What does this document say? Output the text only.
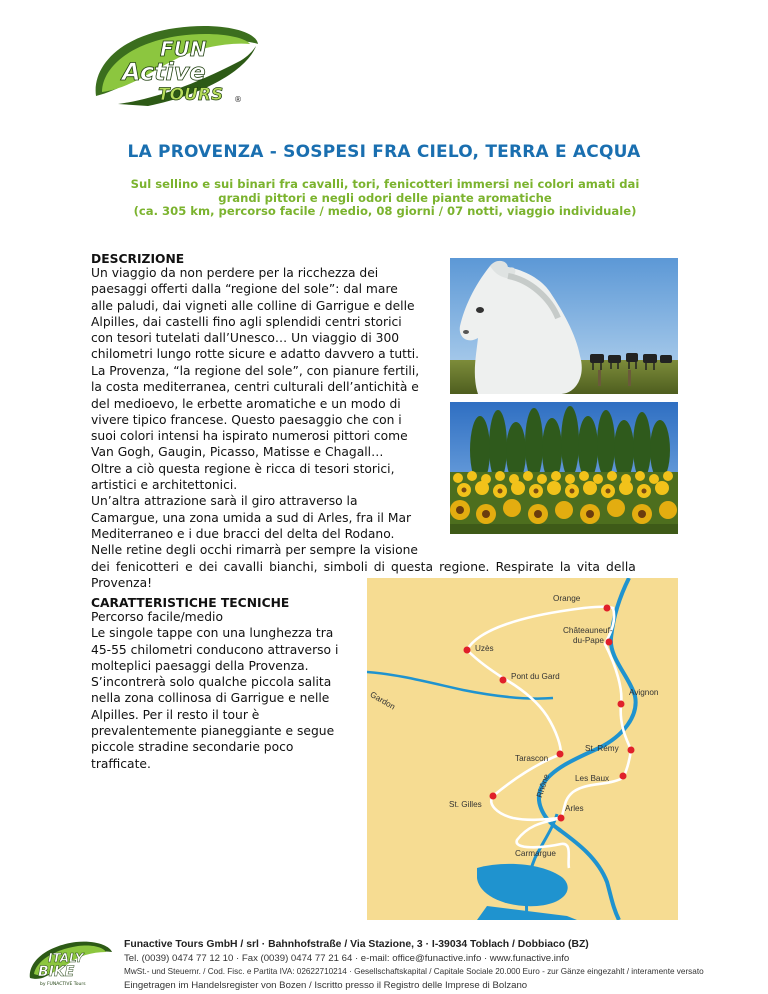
FUN
Active
TOURS ®
LA PROVENZA - SOSPESI FRA CIELO, TERRA E ACQUA
Sul sellino e sui binari fra cavalli, tori, fenicotteri immersi nei colori amati dai
grandi pittori e negli odori delle piante aromatiche
(ca. 305 km, percorso facile / medio, 08 giorni / 07 notti, viaggio individuale)
DESCRIZIONE
Un viaggio da non perdere per la ricchezza dei
paesaggi offerti dalla “regione del sole”: dal mare
alle paludi, dai vigneti alle colline di Garrigue e delle
Alpilles, dai castelli fino agli splendidi centri storici
con tesori tutelati dall’Unesco… Un viaggio di 300
chilometri lungo rotte sicure e adatto davvero a tutti.
La Provenza, “la regione del sole”, con pianure fertili,
la costa mediterranea, centri culturali dell’antichità e
del medioevo, le erbette aromatiche e un modo di
vivere tipico francese. Questo paesaggio che con i
suoi colori intensi ha ispirato numerosi pittori come
Van Gogh, Gaugin, Picasso, Matisse e Chagall…
Oltre a ciò questa regione è ricca di tesori storici,
artistici e architettonici.
Un’altra attrazione sarà il giro attraverso la
Camargue, una zona umida a sud di Arles, fra il Mar
Mediterraneo e i due bracci del delta del Rodano.
Nelle retine degli occhi rimarrà per sempre la visione
dei fenicotteri e dei cavalli bianchi, simboli di questa regione. Respirate la vita della
Provenza!
CARATTERISTICHE TECNICHE
Percorso facile/medio
Le singole tappe con una lunghezza tra
45-55 chilometri conducono attraverso i
molteplici paesaggi della Provenza.
S’incontrerà solo qualche piccola salita
nella zona collinosa di Garrigue e nelle
Alpilles. Per il resto il tour è
prevalentemente pianeggiante e segue
piccole stradine secondarie poco
trafficate.
Orange
Châteauneuf-
du-Pape
Uzès
Pont du Gard
Gardon	Avignon
Tarascon
St. Rémy
Les Baux
Rhône
St. Gilles	Arles
Carmargue
ITALY
BIKE
by FUNACTIVE Tours
Funactive Tours GmbH / srl · Bahnhofstraße / Via Stazione, 3 · I-39034 Toblach / Dobbiaco (BZ)
Tel. (0039) 0474 77 12 10 · Fax (0039) 0474 77 21 64 · e-mail: office@funactive.info · www.funactive.info
MwSt.- und Steuernr. / Cod. Fisc. e Partita IVA: 02622710214 · Gesellschaftskapital / Capitale Sociale 20.000 Euro - zur Gänze eingezahlt / interamente versato
Eingetragen im Handelsregister von Bozen / Iscritto presso il Registro delle Imprese di Bolzano
